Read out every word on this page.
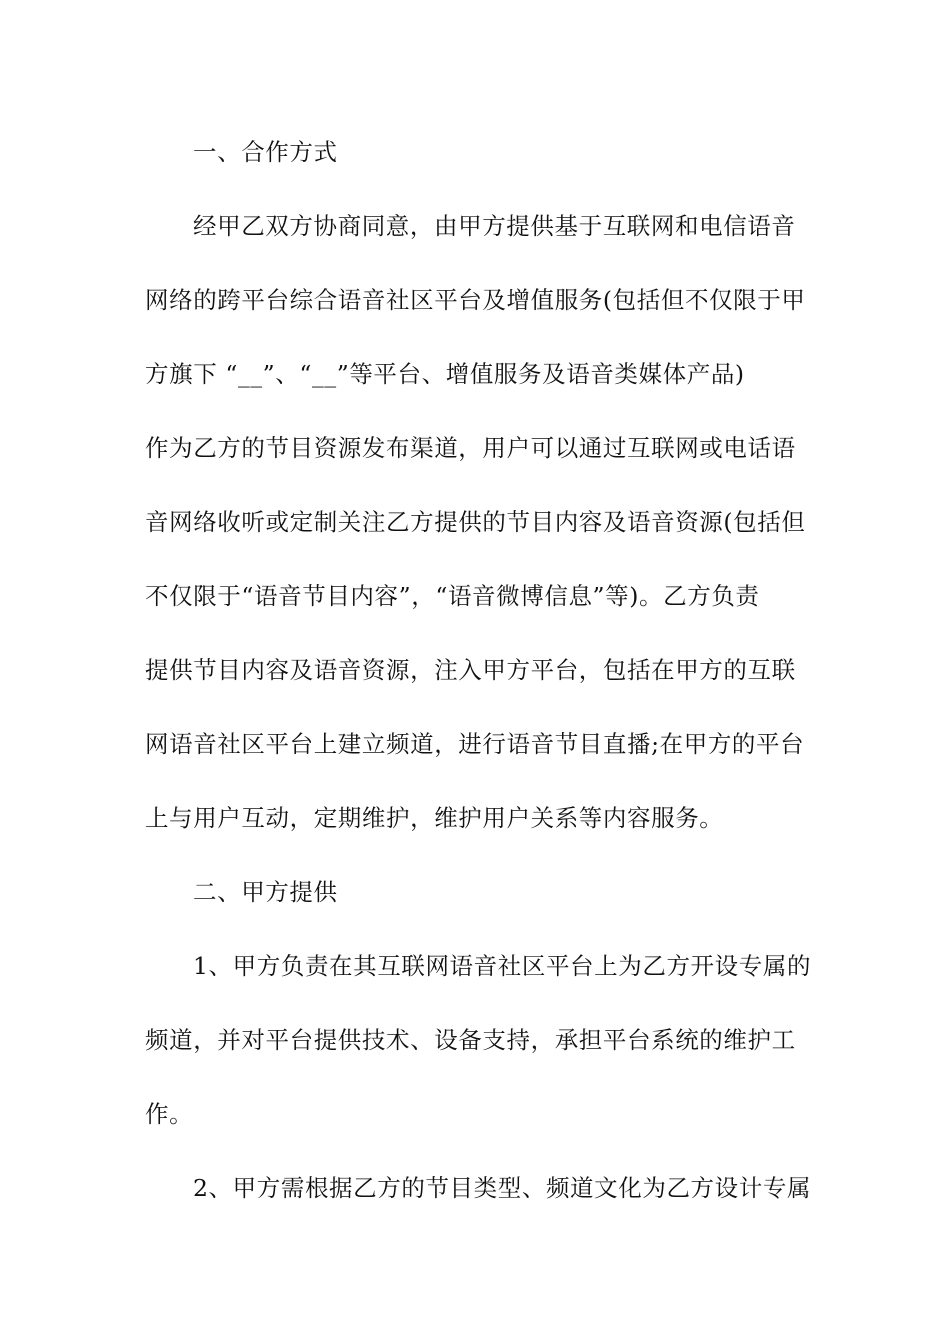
一、合作方式
经甲乙双方协商同意，由甲方提供基于互联网和电信语音
网络的跨平台综合语音社区平台及增值服务(包括但不仅限于甲
方旗下 “__”、“__”等平台、增值服务及语音类媒体产品)
作为乙方的节目资源发布渠道，用户可以通过互联网或电话语
音网络收听或定制关注乙方提供的节目内容及语音资源(包括但
不仅限于“语音节目内容”，“语音微博信息”等)。乙方负责
提供节目内容及语音资源，注入甲方平台，包括在甲方的互联
网语音社区平台上建立频道，进行语音节目直播;在甲方的平台
上与用户互动，定期维护，维护用户关系等内容服务。
二、甲方提供
1、甲方负责在其互联网语音社区平台上为乙方开设专属的
频道，并对平台提供技术、设备支持，承担平台系统的维护工
作。
2、甲方需根据乙方的节目类型、频道文化为乙方设计专属
